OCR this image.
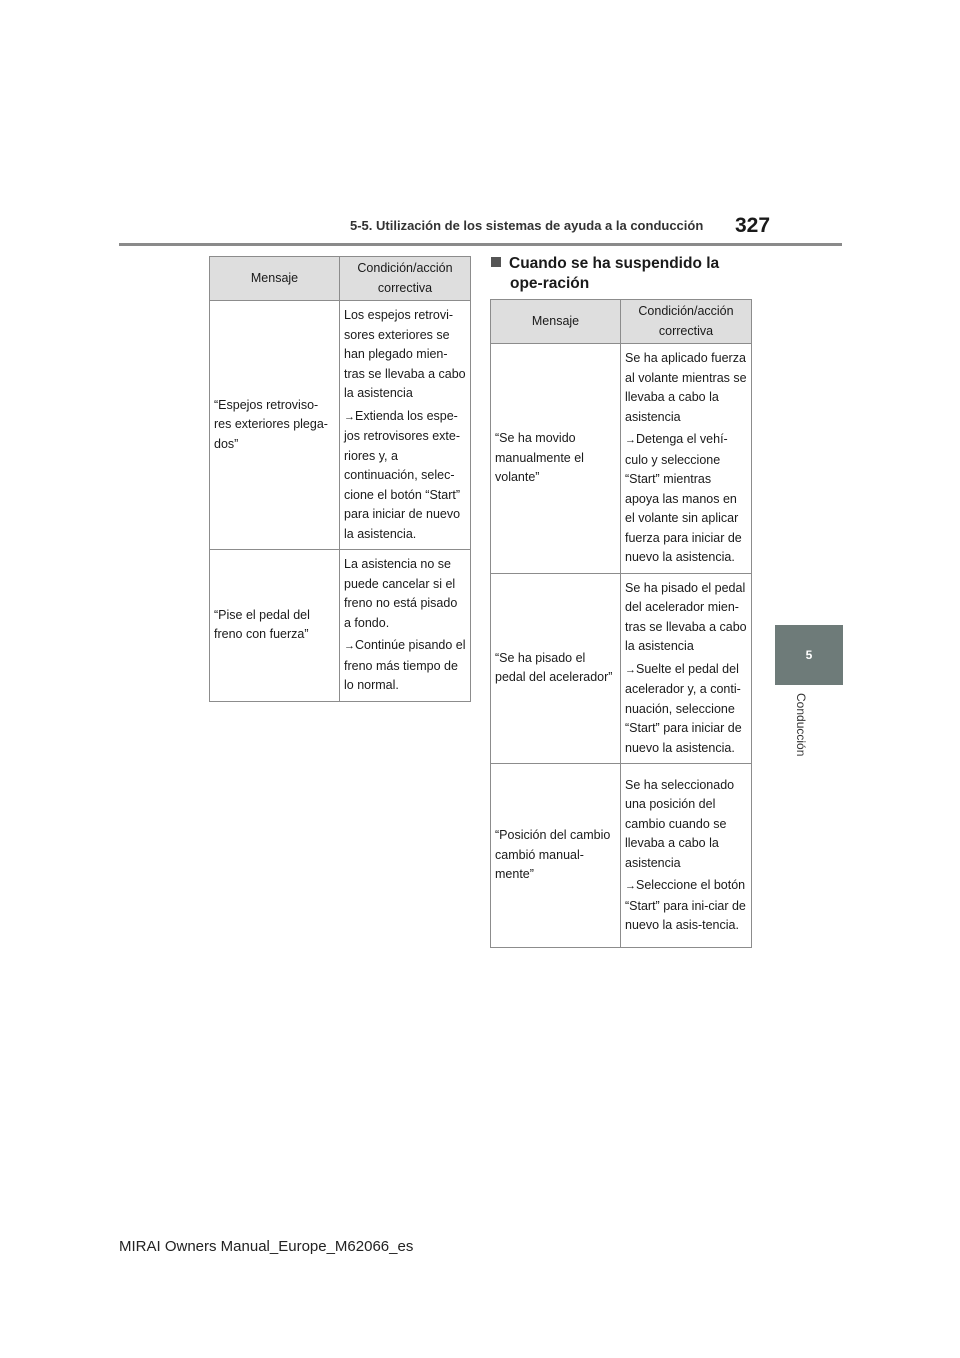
5-5. Utilización de los sistemas de ayuda a la conducción 327
5
Conducción
Mensaje	Condición/acción correctiva
“Espejos retroviso-res exteriores plega-dos”	Los espejos retrovi-sores exteriores se han plegado mien-tras se llevaba a cabo la asistencia

→Extienda los espe-jos retrovisores exte-riores y, a continuación, selec-cione el botón “Start” para iniciar de nuevo la asistencia.

“Pise el pedal del freno con fuerza”	La asistencia no se puede cancelar si el freno no está pisado a fondo.

→Continúe pisando el freno más tiempo de lo normal.

Cuando se ha suspendido la ope-ración
Mensaje	Condición/acción correctiva
“Se ha movido manualmente el volante”	Se ha aplicado fuerza al volante mientras se llevaba a cabo la asistencia

→Detenga el vehí-culo y seleccione “Start” mientras apoya las manos en el volante sin aplicar fuerza para iniciar de nuevo la asistencia.

“Se ha pisado el pedal del acelerador”	Se ha pisado el pedal del acelerador mien-tras se llevaba a cabo la asistencia

→Suelte el pedal del acelerador y, a conti-nuación, seleccione “Start” para iniciar de nuevo la asistencia.

“Posición del cambio cambió manual-mente”	Se ha seleccionado una posición del cambio cuando se llevaba a cabo la asistencia

→Seleccione el botón “Start” para ini-ciar de nuevo la asis-tencia.

MIRAI Owners Manual_Europe_M62066_es
